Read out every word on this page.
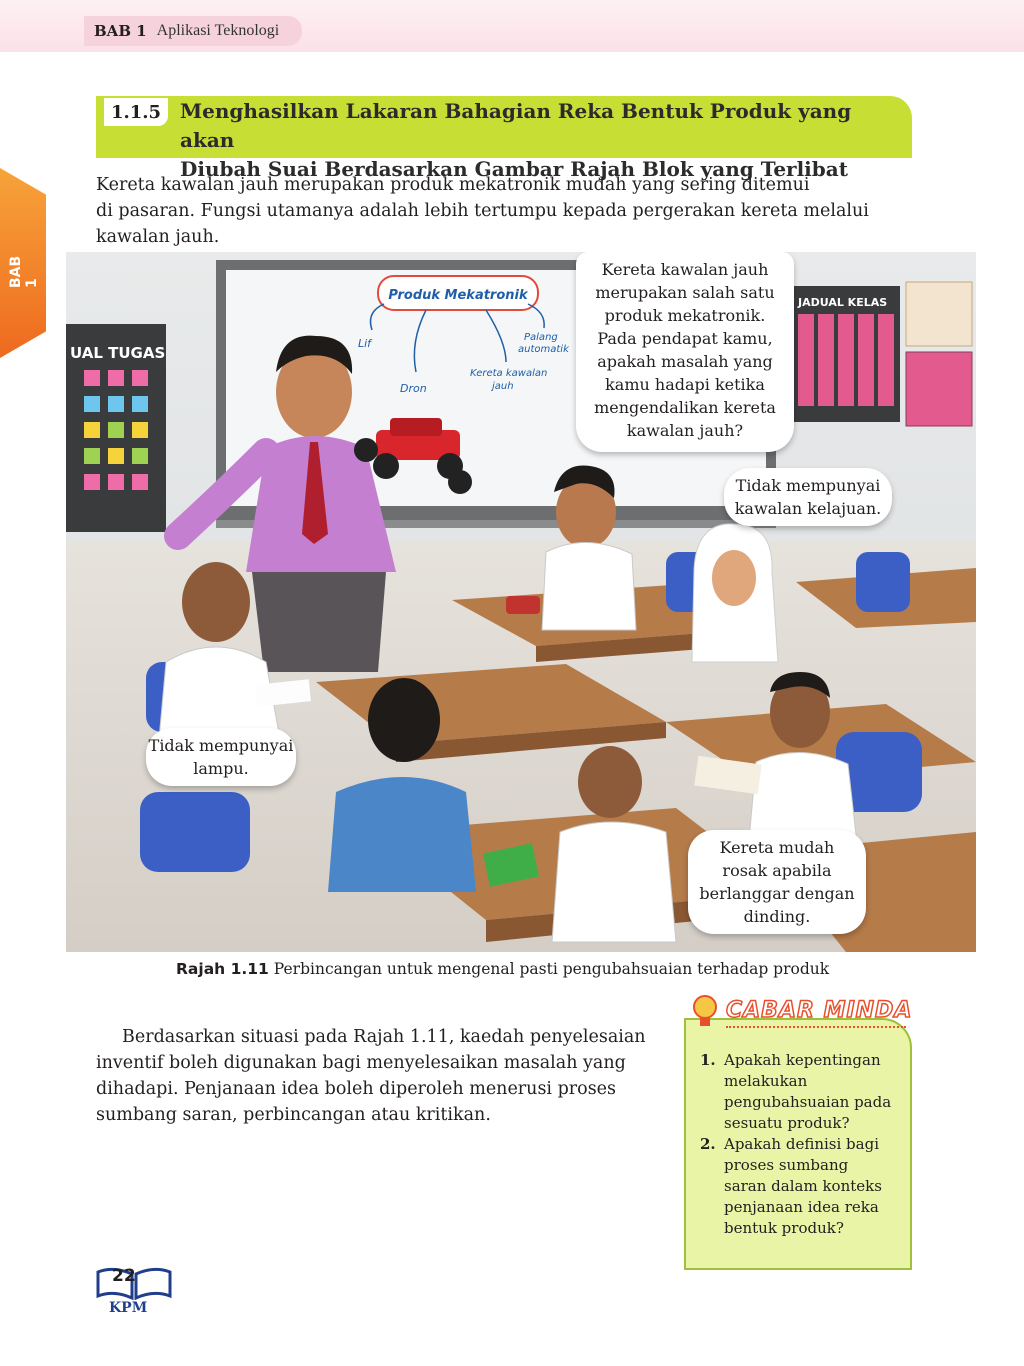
BAB 1 Aplikasi Teknologi
BAB 1
1.1.5 Menghasilkan Lakaran Bahagian Reka Bentuk Produk yang akan
Diubah Suai Berdasarkan Gambar Rajah Blok yang Terlibat
Kereta kawalan jauh merupakan produk mekatronik mudah yang sering ditemui
di pasaran. Fungsi utamanya adalah lebih tertumpu kepada pergerakan kereta melalui
kawalan jauh.
Produk Mekatronik
Lif
Dron
Kereta kawalan
jauh
Palang
automatik
UAL TUGAS
JADUAL KELAS
Kereta kawalan jauh
merupakan salah satu
produk mekatronik.
Pada pendapat kamu,
apakah masalah yang
kamu hadapi ketika
mengendalikan kereta
kawalan jauh?
Tidak mempunyai
kawalan kelajuan.
Tidak mempunyai
lampu.
Kereta mudah
rosak apabila
berlanggar dengan
dinding.
Rajah 1.11 Perbincangan untuk mengenal pasti pengubahsuaian terhadap produk
Berdasarkan situasi pada Rajah 1.11, kaedah penyelesaian
inventif boleh digunakan bagi menyelesaikan masalah yang
dihadapi. Penjanaan idea boleh diperoleh menerusi proses
sumbang saran, perbincangan atau kritikan.
CABAR MINDA
1. Apakah kepentingan
melakukan
pengubahsuaian pada
sesuatu produk?
2. Apakah definisi bagi
proses sumbang
saran dalam konteks
penjanaan idea reka
bentuk produk?
22
KPM
